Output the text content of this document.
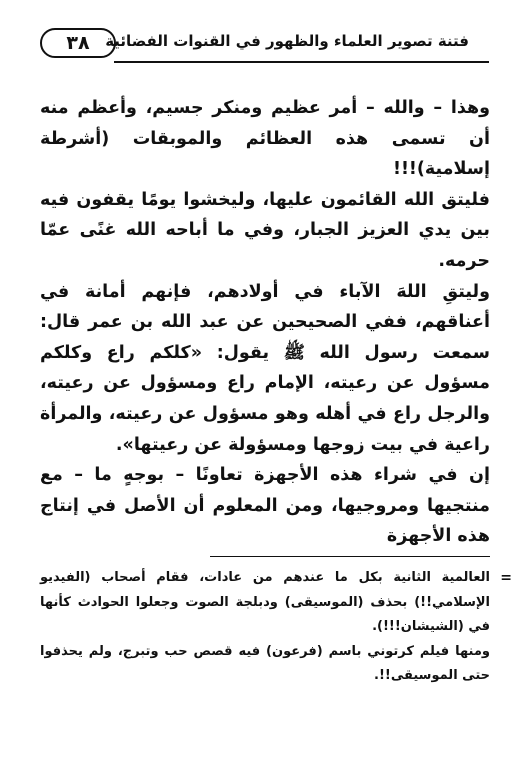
فتنة تصوير العلماء والظهور في القنوات الفضائية
٣٨

وهذا – والله – أمر عظيم ومنكر جسيم، وأعظم منه أن تسمى هذه العظائم والموبقات (أشرطة إسلامية)!!!

فليتق الله القائمون عليها، وليخشوا يومًا يقفون فيه بين يدي العزيز الجبار، وفي ما أباحه الله غنًى عمّا حرمه.

وليتقِ اللهَ الآباء في أولادهم، فإنهم أمانة في أعناقهم، ففي الصحيحين عن عبد الله بن عمر قال: سمعت رسول الله ﷺ يقول: «كلكم راع وكلكم مسؤول عن رعيته، الإمام راع ومسؤول عن رعيته، والرجل راع في أهله وهو مسؤول عن رعيته، والمرأة راعية في بيت زوجها ومسؤولة عن رعيتها».

إن في شراء هذه الأجهزة تعاونًا – بوجهٍ ما – مع منتجيها ومروجيها، ومن المعلوم أن الأصل في إنتاج هذه الأجهزة

=
العالمية الثانية بكل ما عندهم من عادات، فقام أصحاب (الفيديو الإسلامي!!) بحذف (الموسيقى) ودبلجة الصوت وجعلوا الحوادث كأنها في (الشيشان!!!).

ومنها فيلم كرتوني باسم (فرعون) فيه قصص حب وتبرج، ولم يحذفوا حتى الموسيقى!!.
